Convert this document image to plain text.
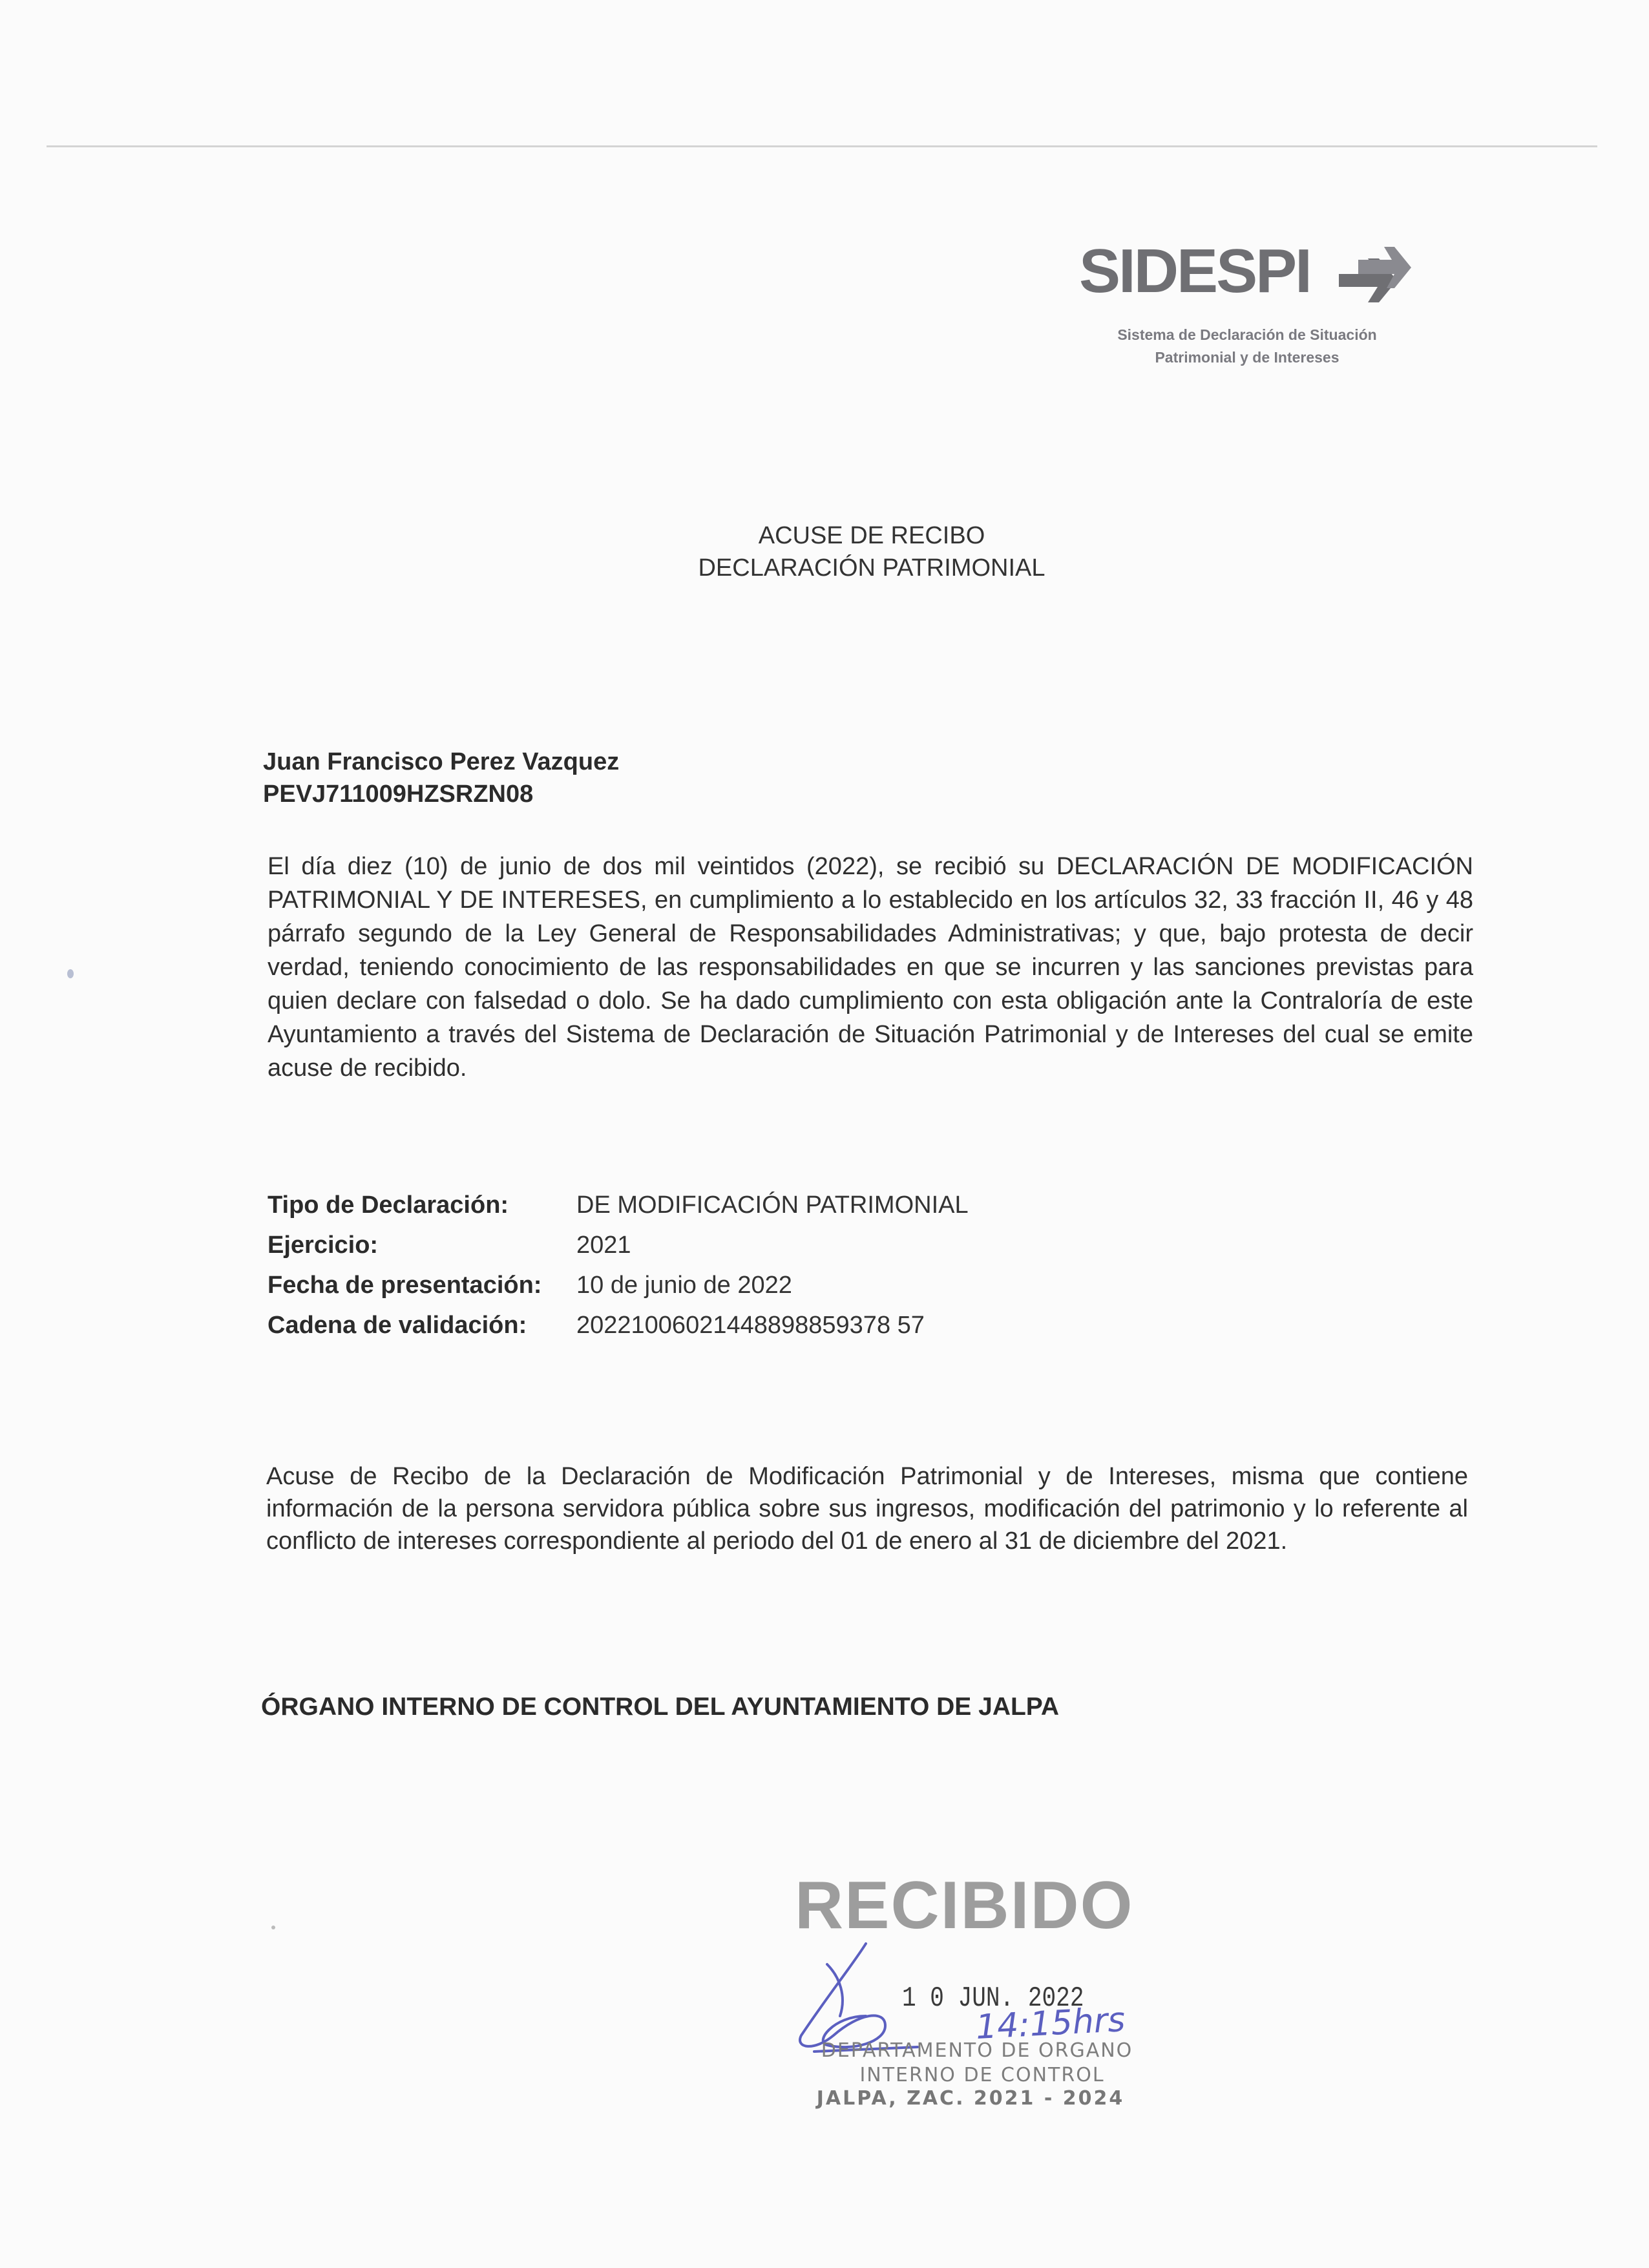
SIDESPI
Sistema de Declaración de Situación
Patrimonial y de Intereses
ACUSE DE RECIBO
DECLARACIÓN PATRIMONIAL
Juan Francisco Perez Vazquez
PEVJ711009HZSRZN08
El día diez (10) de junio de dos mil veintidos (2022), se recibió su DECLARACIÓN DE MODIFICACIÓN PATRIMONIAL Y DE INTERESES, en cumplimiento a lo establecido en los artículos 32, 33 fracción II, 46 y 48 párrafo segundo de la Ley General de Responsabilidades Administrativas; y que, bajo protesta de decir verdad, teniendo conocimiento de las responsabilidades en que se incurren y las sanciones previstas para quien declare con falsedad o dolo. Se ha dado cumplimiento con esta obligación ante la Contraloría de este Ayuntamiento a través del Sistema de Declaración de Situación Patrimonial y de Intereses del cual se emite acuse de recibido.
Tipo de Declaración:	DE MODIFICACIÓN PATRIMONIAL
Ejercicio:	2021
Fecha de presentación: 10 de junio de 2022
Cadena de validación: 20221006021448898859378 57
Acuse de Recibo de la Declaración de Modificación Patrimonial y de Intereses, misma que contiene información de la persona servidora pública sobre sus ingresos, modificación del patrimonio y lo referente al conflicto de intereses correspondiente al periodo del 01 de enero al 31 de diciembre del 2021.
ÓRGANO INTERNO DE CONTROL DEL AYUNTAMIENTO DE JALPA
RECIBIDO
1 0 JUN. 2022
14:15hrs
DEPARTAMENTO DE ORGANO
INTERNO DE CONTROL
JALPA, ZAC. 2021 - 2024
